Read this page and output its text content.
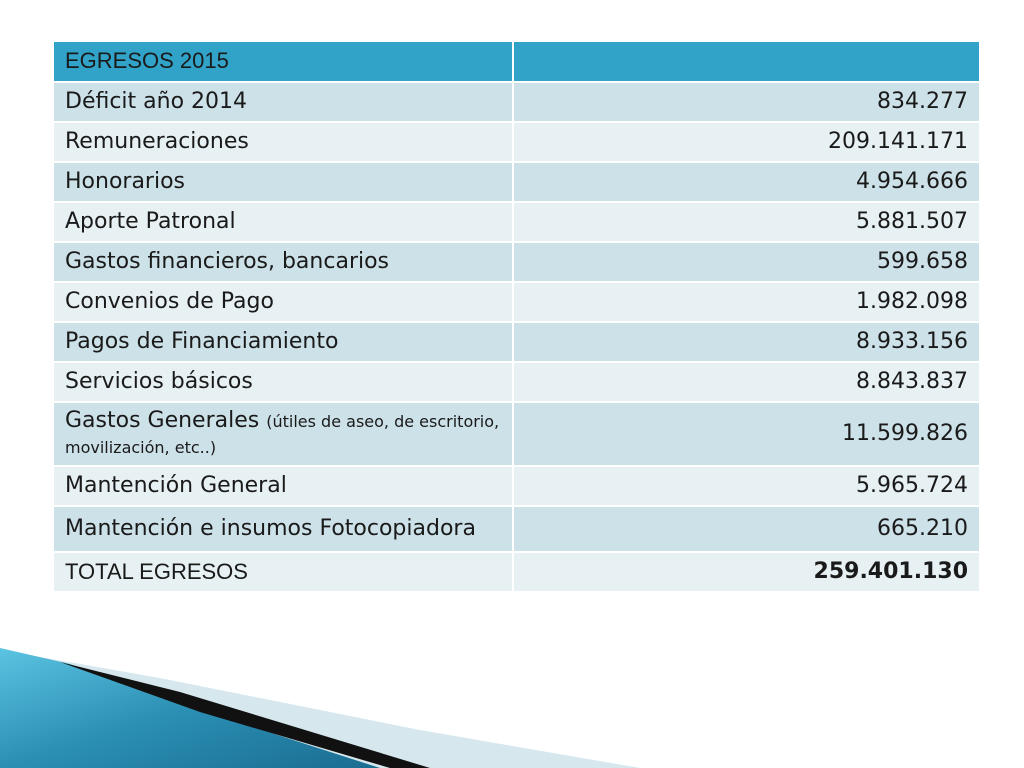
EGRESOS 2015	
Déficit año 2014	834.277
Remuneraciones	209.141.171
Honorarios	4.954.666
Aporte Patronal	5.881.507
Gastos financieros, bancarios	599.658
Convenios de Pago	1.982.098
Pagos de Financiamiento	8.933.156
Servicios básicos	8.843.837
Gastos Generales (útiles de aseo, de escritorio, movilización, etc..)	11.599.826
Mantención General	5.965.724
Mantención e insumos Fotocopiadora	665.210
TOTAL EGRESOS	259.401.130
